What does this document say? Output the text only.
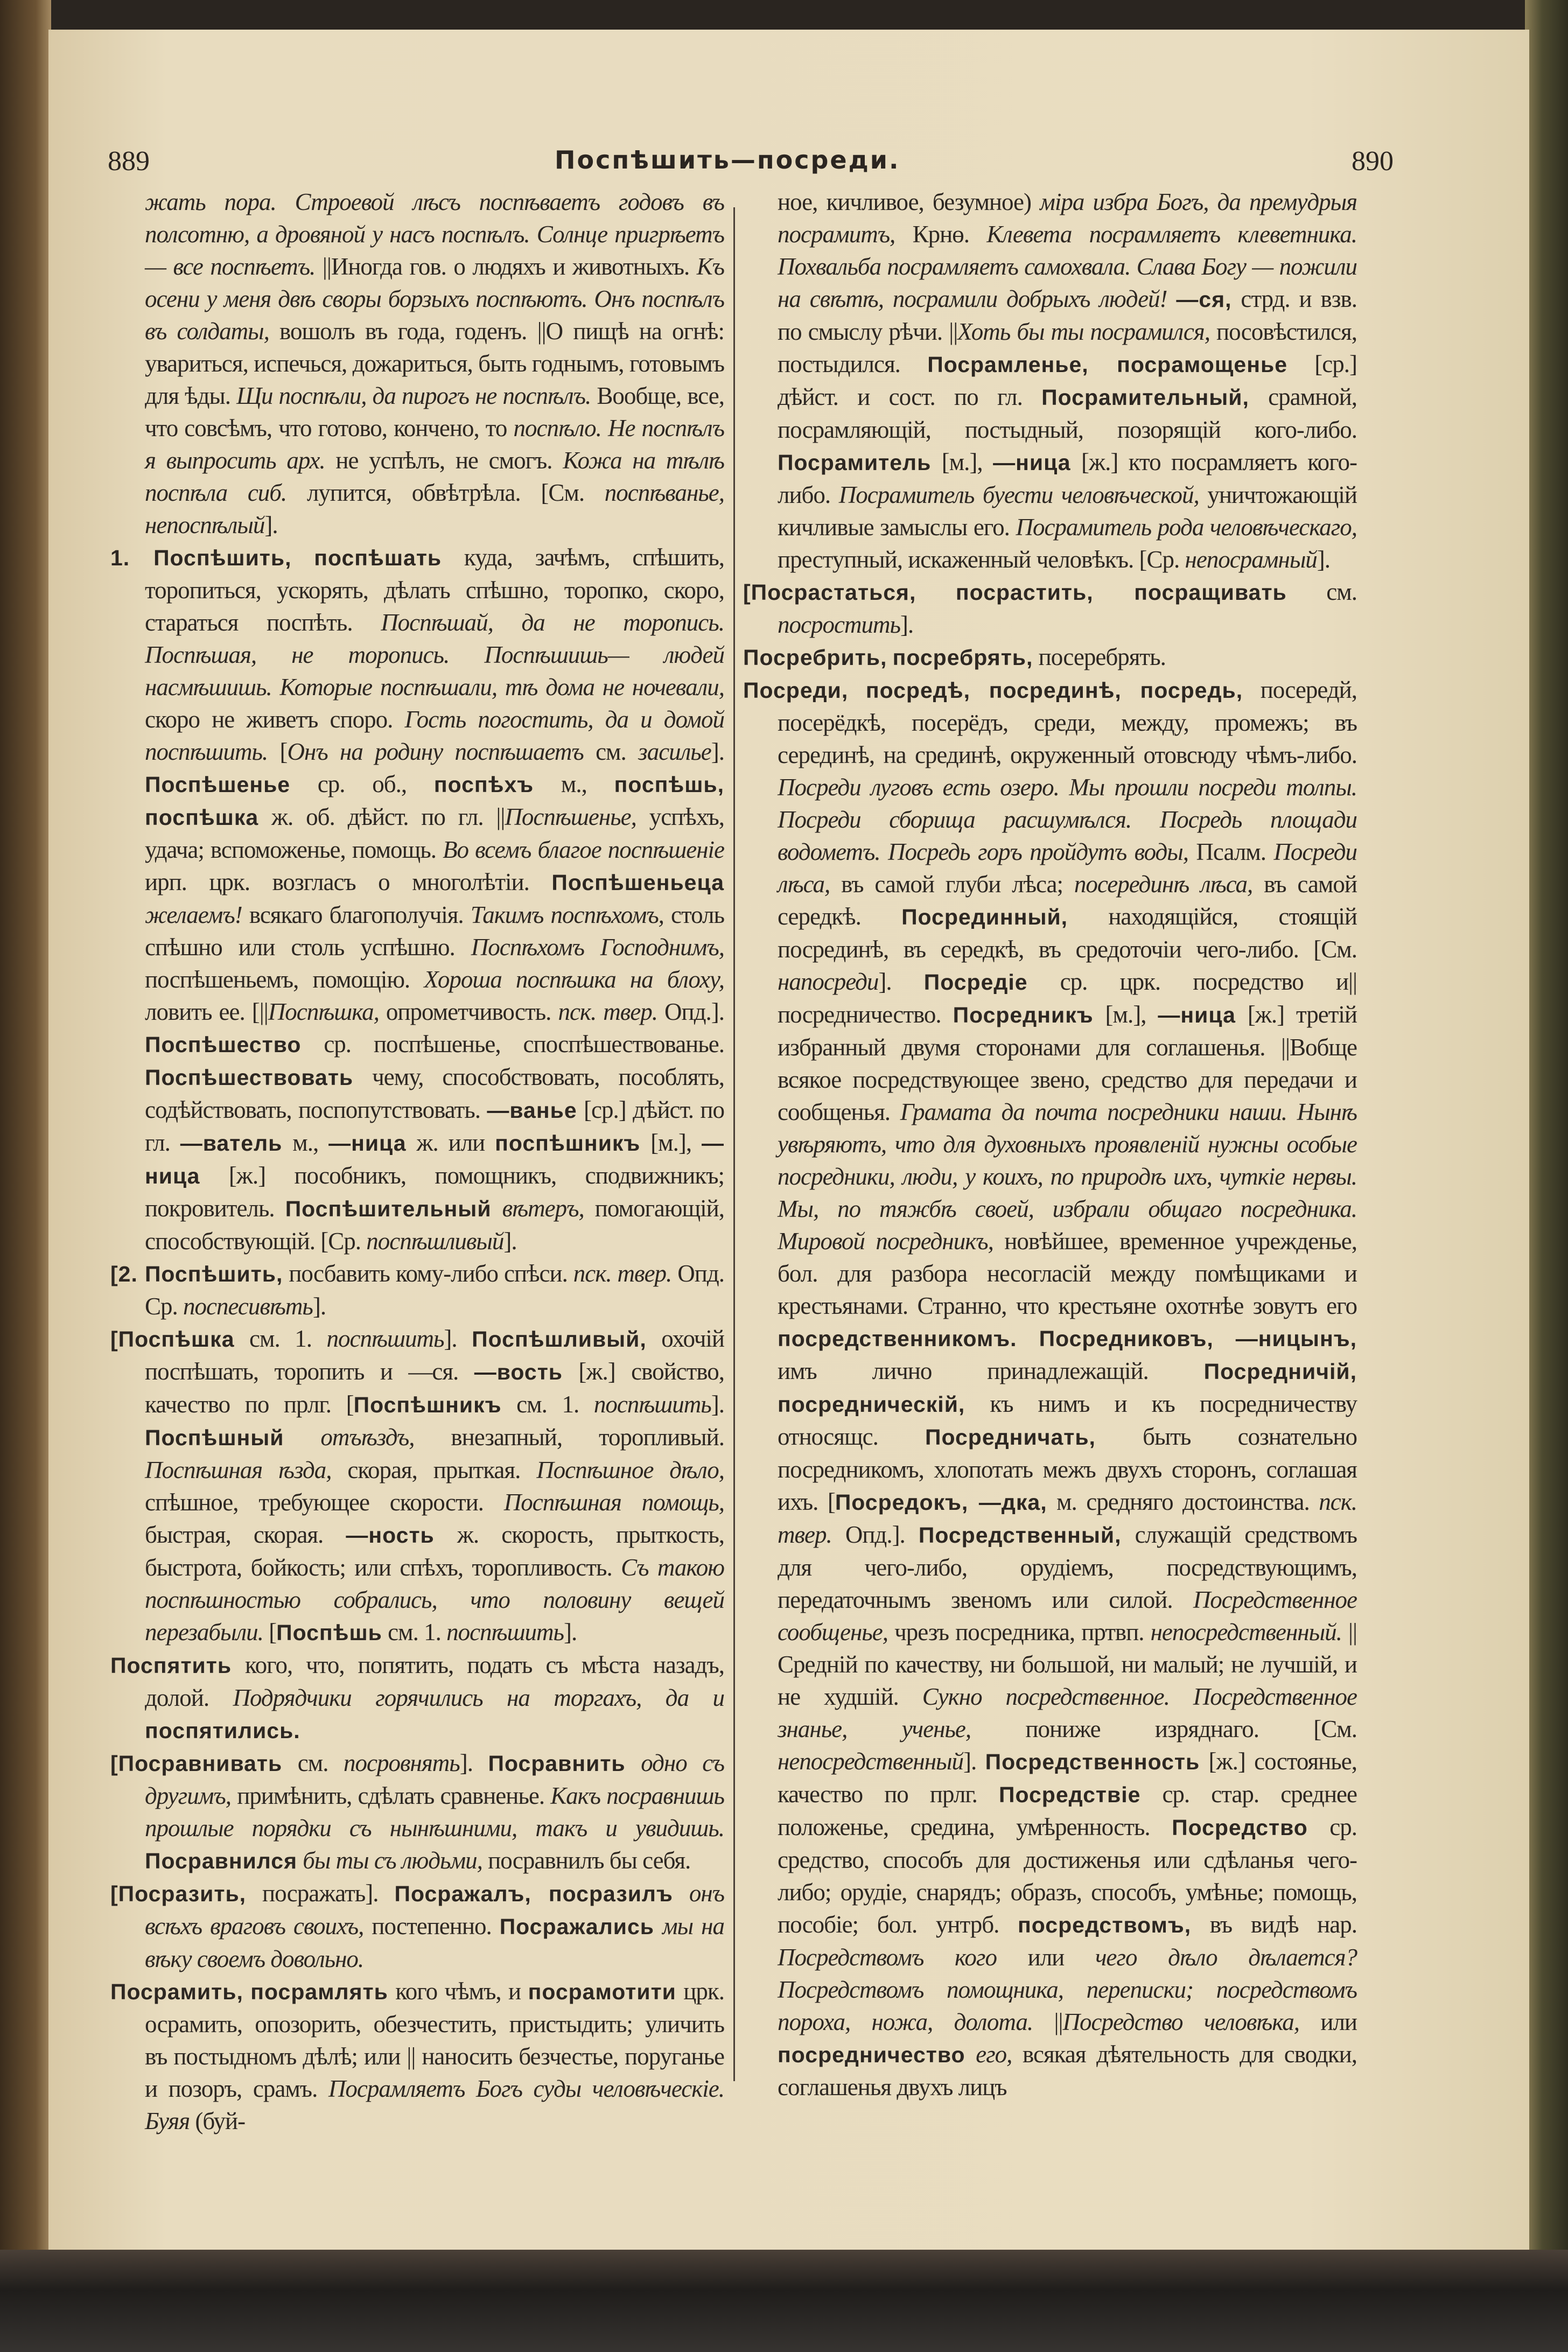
889	Поспѣшить—посреди.	890

жать пора. Строевой лѣсъ поспѣваетъ годовъ въ полсотню, а дровяной у насъ поспѣлъ. Солнце пригрѣетъ — все поспѣетъ. ||Иногда гов. о людяхъ и животныхъ. Къ осени у меня двѣ своры борзыхъ поспѣютъ. Онъ поспѣлъ въ солдаты, вошолъ въ года, годенъ. ||О пищѣ на огнѣ: увариться, испечься, дожариться, быть годнымъ, готовымъ для ѣды. Щи поспѣли, да пирогъ не поспѣлъ. Вообще, все, что совсѣмъ, что готово, кончено, то поспѣло. Не поспѣлъ я выпросить арх. не успѣлъ, не смогъ. Кожа на тѣлѣ поспѣла сиб. лупится, обвѣтрѣла. [См. поспѣванье, непоспѣлый].

1. Поспѣшить, поспѣшать куда, зачѣмъ, спѣшить, торопиться, ускорять, дѣлать спѣшно, торопко, скоро, стараться поспѣть. Поспѣшай, да не торопись. Поспѣшая, не торопись. Поспѣшишь— людей насмѣшишь. Которые поспѣшали, тѣ дома не ночевали, скоро не живетъ споро. Гость погостить, да и домой поспѣшить. [Онъ на родину поспѣшаетъ см. засилье]. Поспѣшенье ср. об., поспѣхъ м., поспѣшь, поспѣшка ж. об. дѣйст. по гл. ||Поспѣшенье, успѣхъ, удача; вспоможенье, помощь. Во всемъ благое поспѣшеніе ирп. црк. возгласъ о многолѣтіи. Поспѣшеньеца желаемъ! всякаго благополучія. Такимъ поспѣхомъ, столь спѣшно или столь успѣшно. Поспѣхомъ Господнимъ, поспѣшеньемъ, помощію. Хороша поспѣшка на блоху, ловить ее. [||Поспѣшка, опрометчивость. пск. твер. Опд.]. Поспѣшество ср. поспѣшенье, споспѣшествованье. Поспѣшествовать чему, способствовать, пособлять, содѣйствовать, поспопутствовать. —ванье [ср.] дѣйст. по гл. —ватель м., —ница ж. или поспѣшникъ [м.], —ница [ж.] пособникъ, помощникъ, сподвижникъ; покровитель. Поспѣшительный вѣтеръ, помогающій, способствующій. [Ср. поспѣшливый].

[2. Поспѣшить, посбавить кому-либо спѣси. пск. твер. Опд. Ср. поспесивѣть].

[Поспѣшка см. 1. поспѣшить]. Поспѣшливый, охочій поспѣшать, торопить и —ся. —вость [ж.] свойство, качество по прлг. [Поспѣшникъ см. 1. поспѣшить]. Поспѣшный отъѣздъ, внезапный, торопливый. Поспѣшная ѣзда, скорая, прыткая. Поспѣшное дѣло, спѣшное, требующее скорости. Поспѣшная помощь, быстрая, скорая. —ность ж. скорость, прыткость, быстрота, бойкость; или спѣхъ, торопливость. Съ такою поспѣшностью собрались, что половину вещей перезабыли. [Поспѣшь см. 1. поспѣшить].

Поспятить кого, что, попятить, подать съ мѣста назадъ, долой. Подрядчики горячились на торгахъ, да и поспятились.

[Посравнивать см. посровнять]. Посравнить одно съ другимъ, примѣнить, сдѣлать сравненье. Какъ посравнишь прошлые порядки съ нынѣшними, такъ и увидишь. Посравнился бы ты съ людьми, посравнилъ бы себя.

[Посразить, посражать]. Посражалъ, посразилъ онъ всѣхъ враговъ своихъ, постепенно. Посражались мы на вѣку своемъ довольно.

Посрамить, посрамлять кого чѣмъ, и посрамотити црк. осрамить, опозорить, обезчестить, пристыдить; уличить въ постыдномъ дѣлѣ; или || наносить безчестье, поруганье и позоръ, срамъ. Посрамляетъ Богъ суды человѣческіе. Буяя (буй-

ное, кичливое, безумное) міра избра Богъ, да премудрыя посрамитъ, Крнө. Клевета посрамляетъ клеветника. Похвальба посрамляетъ самохвала. Слава Богу — пожили на свѣтѣ, посрамили добрыхъ людей! —ся, стрд. и взв. по смыслу рѣчи. ||Хоть бы ты посрамился, посовѣстился, постыдился. Посрамленье, посрамощенье [ср.] дѣйст. и сост. по гл. Посрамительный, срамной, посрамляющій, постыдный, позорящій кого-либо. Посрамитель [м.], —ница [ж.] кто посрамляетъ кого-либо. Посрамитель буести человѣческой, уничтожающій кичливые замыслы его. Посрамитель рода человѣческаго, преступный, искаженный человѣкъ. [Ср. непосрамный].

[Посрастаться, посрастить, посращивать см. посростить].

Посребрить, посребрять, посеребрять.

Посреди, посредѣ, посрединѣ, посредь, посередй, посерёдкѣ, посерёдъ, среди, между, промежъ; въ серединѣ, на срединѣ, окруженный отовсюду чѣмъ-либо. Посреди луговъ есть озеро. Мы прошли посреди толпы. Посреди сборища расшумѣлся. Посредь площади водометъ. Посредь горъ пройдутъ воды, Псалм. Посреди лѣса, въ самой глуби лѣса; посерединѣ лѣса, въ самой середкѣ. Посрединный, находящійся, стоящій посрединѣ, въ середкѣ, въ средоточіи чего-либо. [См. напосреди]. Посредіе ср. црк. посредство и||посредничество. Посредникъ [м.], —ница [ж.] третій избранный двумя сторонами для соглашенья. ||Вобще всякое посредствующее звено, средство для передачи и сообщенья. Грамата да почта посредники наши. Нынѣ увѣряютъ, что для духовныхъ проявленій нужны особые посредники, люди, у коихъ, по природѣ ихъ, чуткіе нервы. Мы, по тяжбѣ своей, избрали общаго посредника. Мировой посредникъ, новѣйшее, временное учрежденье, бол. для разбора несогласій между помѣщиками и крестьянами. Странно, что крестьяне охотнѣе зовутъ его посредственникомъ. Посредниковъ, —ницынъ, имъ лично принадлежащій. Посредничій, посредническій, къ нимъ и къ посредничеству относящс. Посредничать, быть сознательно посредникомъ, хлопотать межъ двухъ сторонъ, соглашая ихъ. [Посредокъ, —дка, м. средняго достоинства. пск. твер. Опд.]. Посредственный, служащій средствомъ для чего-либо, орудіемъ, посредствующимъ, передаточнымъ звеномъ или силой. Посредственное сообщенье, чрезъ посредника, пртвп. непосредственный. ||Средній по качеству, ни большой, ни малый; не лучшій, и не худшій. Сукно посредственное. Посредственное знанье, ученье, пониже изряднаго. [См. непосредственный]. Посредственность [ж.] состоянье, качество по прлг. Посредствіе ср. стар. среднее положенье, средина, умѣренность. Посредство ср. средство, способъ для достиженья или сдѣланья чего-либо; орудіе, снарядъ; образъ, способъ, умѣнье; помощь, пособіе; бол. унтрб. посредствомъ, въ видѣ нар. Посредствомъ кого или чего дѣло дѣлается? Посредствомъ помощника, переписки; посредствомъ пороха, ножа, долота. ||Посредство человѣка, или посредничество его, всякая дѣятельность для сводки, соглашенья двухъ лицъ
